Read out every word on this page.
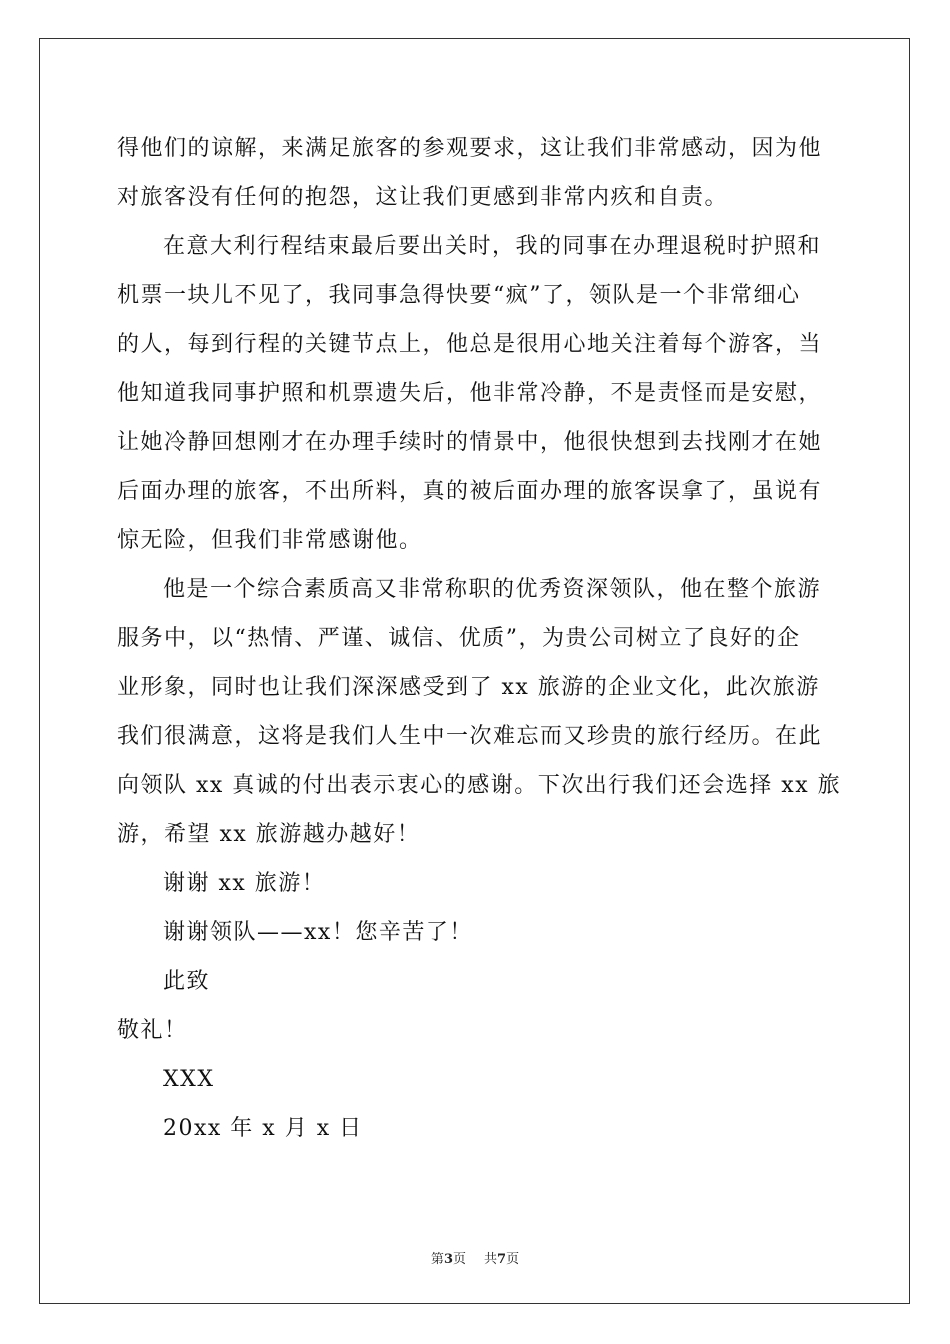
得他们的谅解，来满足旅客的参观要求，这让我们非常感动，因为他

对旅客没有任何的抱怨，这让我们更感到非常内疚和自责。

在意大利行程结束最后要出关时，我的同事在办理退税时护照和

机票一块儿不见了，我同事急得快要“疯”了，领队是一个非常细心

的人，每到行程的关键节点上，他总是很用心地关注着每个游客，当

他知道我同事护照和机票遗失后，他非常冷静，不是责怪而是安慰，

让她冷静回想刚才在办理手续时的情景中，他很快想到去找刚才在她

后面办理的旅客，不出所料，真的被后面办理的旅客误拿了，虽说有

惊无险，但我们非常感谢他。

他是一个综合素质高又非常称职的优秀资深领队，他在整个旅游

服务中，以“热情、严谨、诚信、优质”，为贵公司树立了良好的企

业形象，同时也让我们深深感受到了 xx 旅游的企业文化，此次旅游

我们很满意，这将是我们人生中一次难忘而又珍贵的旅行经历。在此

向领队 xx 真诚的付出表示衷心的感谢。下次出行我们还会选择 xx 旅

游，希望 xx 旅游越办越好！

谢谢 xx 旅游！

谢谢领队——xx！您辛苦了！

此致

敬礼！

XXX

20xx 年 x 月 x 日

第3页 共7页
